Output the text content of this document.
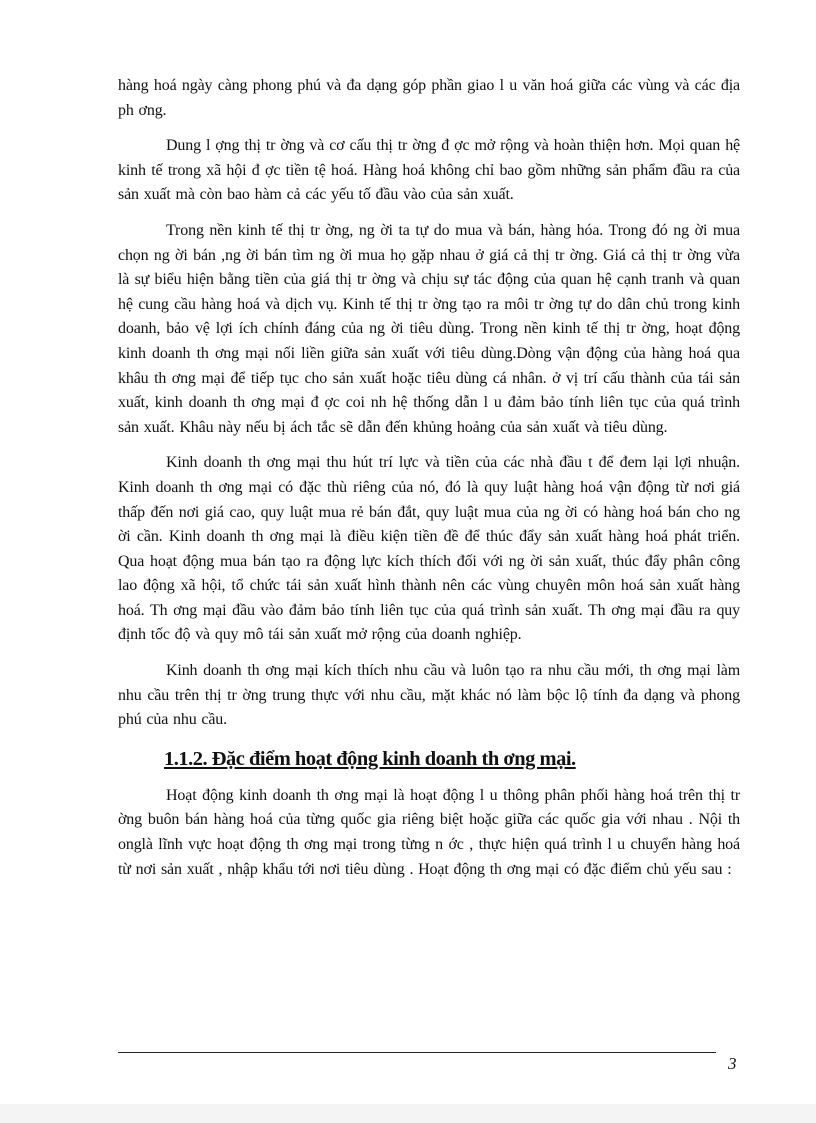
hàng hoá ngày càng phong phú và đa dạng góp phần giao l u văn hoá giữa các vùng và các địa ph ơng.

Dung l ợng thị tr ờng và cơ cấu thị tr ờng đ ợc mở rộng và hoàn thiện hơn. Mọi quan hệ kinh tế trong xã hội đ ợc tiền tệ hoá. Hàng hoá không chỉ bao gồm những sản phẩm đầu ra của sản xuất mà còn bao hàm cả các yếu tố đầu vào của sản xuất.

Trong nền kinh tế thị tr ờng, ng ời ta tự do mua và bán, hàng hóa. Trong đó ng ời mua chọn ng ời bán ,ng ời bán tìm ng ời mua họ gặp nhau ở giá cả thị tr ờng. Giá cả thị tr ờng vừa là sự biểu hiện bằng tiền của giá thị tr ờng và chịu sự tác động của quan hệ cạnh tranh và quan hệ cung cầu hàng hoá và dịch vụ. Kinh tế thị tr ờng tạo ra môi tr ờng tự do dân chủ trong kinh doanh, bảo vệ lợi ích chính đáng của ng ời tiêu dùng. Trong nền kinh tế thị tr ờng, hoạt động kinh doanh th ơng mại nối liền giữa sản xuất với tiêu dùng.Dòng vận động của hàng hoá qua khâu th ơng mại để tiếp tục cho sản xuất hoặc tiêu dùng cá nhân. ở vị trí cấu thành của tái sản xuất, kinh doanh th ơng mại đ ợc coi nh hệ thống dẫn l u đảm bảo tính liên tục của quá trình sản xuất. Khâu này nếu bị ách tắc sẽ dẫn đến khủng hoảng của sản xuất và tiêu dùng.

Kinh doanh th ơng mại thu hút trí lực và tiền của các nhà đầu t để đem lại lợi nhuận. Kinh doanh th ơng mại có đặc thù riêng của nó, đó là quy luật hàng hoá vận động từ nơi giá thấp đến nơi giá cao, quy luật mua rẻ bán đắt, quy luật mua của ng ời có hàng hoá bán cho ng ời cần. Kinh doanh th ơng mại là điều kiện tiền đề để thúc đẩy sản xuất hàng hoá phát triển. Qua hoạt động mua bán tạo ra động lực kích thích đối với ng ời sản xuất, thúc đẩy phân công lao động xã hội, tổ chức tái sản xuất hình thành nên các vùng chuyên môn hoá sản xuất hàng hoá. Th ơng mại đầu vào đảm bảo tính liên tục của quá trình sản xuất. Th ơng mại đầu ra quy định tốc độ và quy mô tái sản xuất mở rộng của doanh nghiệp.

Kinh doanh th ơng mại kích thích nhu cầu và luôn tạo ra nhu cầu mới, th ơng mại làm nhu cầu trên thị tr ờng trung thực với nhu cầu, mặt khác nó làm bộc lộ tính đa dạng và phong phú của nhu cầu.

1.1.2. Đặc điểm hoạt động kinh doanh th ơng mại.

Hoạt động kinh doanh th ơng mại là hoạt động l u thông phân phối hàng hoá trên thị tr ờng buôn bán hàng hoá của từng quốc gia riêng biệt hoặc giữa các quốc gia với nhau . Nội th onglà lĩnh vực hoạt động th ơng mại trong từng n ớc , thực hiện quá trình l u chuyển hàng hoá từ nơi sản xuất , nhập khẩu tới nơi tiêu dùng . Hoạt động th ơng mại có đặc điểm chủ yếu sau :

3
